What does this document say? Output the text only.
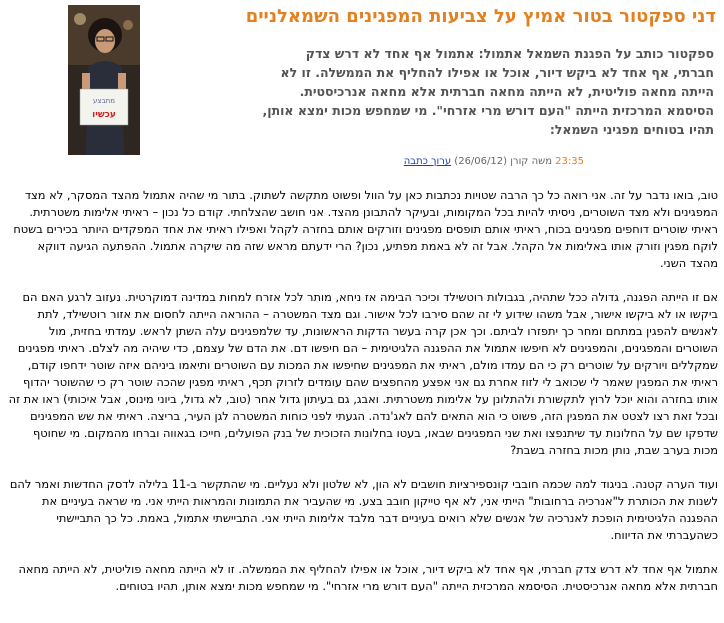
דני ספקטור בטור אמיץ על צביעות המפגינים השמאלניים
מתבצע
עכשיו

ספקטור כותב על הפגנת השמאל אתמול: אתמול אף אחד לא דרש צדק חברתי, אף אחד לא ביקש דיור, אוכל או אפילו להחליף את הממשלה. זו לא הייתה מחאה פוליטית, לא הייתה מחאה חברתית אלא מחאה אנרכיסטית. הסיסמא המרכזית הייתה "העם דורש מרי אזרחי". מי שמחפש מכות ימצא אותן, תהיו בטוחים מפגיני השמאל:

23:35 משה קורן (26/06/12) ערוך כתבה

טוב, בואו נדבר על זה. אני רואה כל כך הרבה שטויות נכתבות כאן על הוול ופשוט מתקשה לשתוק. בתור מי שהיה אתמול מהצד המסקר, לא מצד המפגינים ולא מצד השוטרים, ניסיתי להיות בכל המקומות, ובעיקר להתבונן מהצד. אני חושב שהצלחתי. קודם כל נכון – ראיתי אלימות משטרתית. ראיתי שוטרים דוחפים מפגינים בכוח, ראיתי אותם תופסים מפגינים וזורקים אותם בחזרה לקהל ואפילו ראיתי את אחד המפקדים היותר בכירים בשטח לוקח מפגין וזורק אותו באלימות אל הקהל. אבל זה לא באמת מפתיע, נכון? הרי ידעתם מראש שזה מה שיקרה אתמול. ההפתעה הגיעה דווקא מהצד השני.

אם זו הייתה הפגנה, גדולה ככל שתהיה, בגבולות רוטשילד וכיכר הבימה אז ניחא, מותר לכל אזרח למחות במדינה דמוקרטית. נעזוב לרגע האם הם ביקשו או לא ביקשו אישור, אבל משהו שידוע לי זה שהם סירבו לכל אישור. וגם מצד המשטרה – ההוראה הייתה לחסום את אזור רוטשילד, לתת לאנשים להפגין במתחם ומחר כך יתפזרו לביתם. וכך אכן קרה בעשר הדקות הראשונות, עד שלמפגינים עלה השתן לראש. עמדתי בחזית, מול השוטרים והמפגינים, והמפגינים לא חיפשו אתמול את ההפגנה הלגיטימית – הם חיפשו דם. את הדם של עצמם, כדי שיהיה מה לצלם. ראיתי מפגינים שמקללים ויורקים על שוטרים רק כי הם עמדו מולם, ראיתי את המפגינים שחיפשו את המכות עם השוטרים ותיאמו ביניהם איזה שוטר ידחפו קודם, ראיתי את המפגין שאמר לי שכואב לי לזוז אחרת גם אני אפצע מהחפצים שהם עומדים לזרוק תכף, ראיתי מפגין שהכה שוטר רק כי שהשוטר יהדוף אותו בחזרה והוא יוכל לרוץ לתקשורת ולהתלונן על אלימות משטרתית. ואבג, גם בעיתון גדול אחר (טוב, לא גדול, ביוני מינוס, אבל איכותי) ראו את זה ובכל זאת רצו לצטט את המפגין הזה, פשוט כי הוא התאים להם לאג'נדה. הגעתי לפני כוחות המשטרה לגן העיר, בריצה. ראיתי את שש המפגינים שדפקו שם על החלונות עד שיתנפצו ואת שני המפגינים שבאו, בעטו בחלונות הזכוכית של בנק הפועלים, חייכו בגאווה וברחו מהמקום. מי שחוטף מכות בערב שבת, נותן מכות בחזרה בשבת?

ועוד הערה קטנה. בניגוד למה שכמה חובבי קונספירציות חושבים לא הון, לא שלטון ולא נעליים. מי שהתקשר ב-11 בלילה לדסק החדשות ואמר להם לשנות את הכותרת ל"אנרכיה ברחובות" הייתי אני, לא אף טייקון חובב בצע. מי שהעביר את התמונות והמראות הייתי אני. מי שראה בעיניים את ההפגנה הלגיטימית הופכת לאנרכיה של אנשים שלא רואים בעיניים דבר מלבד אלימות הייתי אני. התביישתי אתמול, באמת. כל כך התביישתי כשהעברתי את הדיווח.

אתמול אף אחד לא דרש צדק חברתי, אף אחד לא ביקש דיור, אוכל או אפילו להחליף את הממשלה. זו לא הייתה מחאה פוליטית, לא הייתה מחאה חברתית אלא מחאה אנרכיסטית. הסיסמא המרכזית הייתה "העם דורש מרי אזרחי". מי שמחפש מכות ימצא אותן, תהיו בטוחים.
